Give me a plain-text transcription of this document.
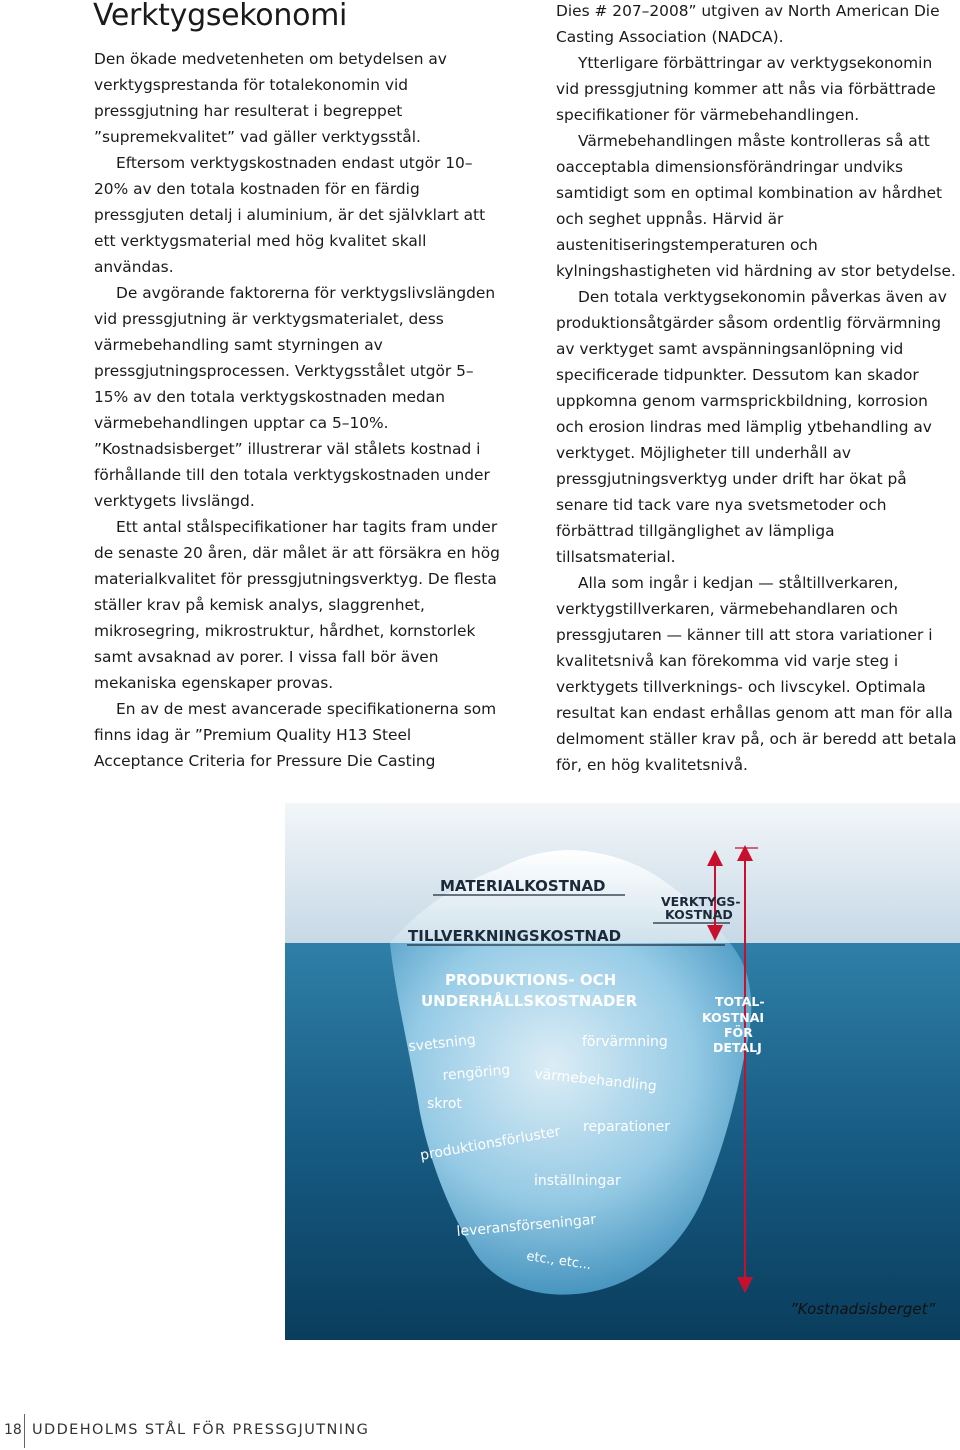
Verktygsekonomi

Den ökade medvetenheten om betydelsen av verktygsprestanda för totalekonomin vid pressgjutning har resulterat i begreppet ”supremekvalitet” vad gäller verktygsstål.

Eftersom verktygskostnaden endast utgör 10–20% av den totala kostnaden för en färdig pressgjuten detalj i aluminium, är det självklart att ett verktygsmaterial med hög kvalitet skall användas.

De avgörande faktorerna för verktygslivslängden vid pressgjutning är verktygsmaterialet, dess värmebehandling samt styrningen av pressgjutningsprocessen. Verktygsstålet utgör 5–15% av den totala verktygskostnaden medan värmebehandlingen upptar ca 5–10%. ”Kostnadsisberget” illustrerar väl stålets kostnad i förhållande till den totala verktygskostnaden under verktygets livslängd.

Ett antal stålspecifikationer har tagits fram under de senaste 20 åren, där målet är att försäkra en hög materialkvalitet för pressgjutningsverktyg. De flesta ställer krav på kemisk analys, slaggrenhet, mikrosegring, mikrostruktur, hårdhet, kornstorlek samt avsaknad av porer. I vissa fall bör även mekaniska egenskaper provas.

En av de mest avancerade specifikationerna som finns idag är ”Premium Quality H13 Steel Acceptance Criteria for Pressure Die Casting

Dies # 207–2008” utgiven av North American Die Casting Association (NADCA).

Ytterligare förbättringar av verktygsekonomin vid pressgjutning kommer att nås via förbättrade specifikationer för värmebehandlingen.

Värmebehandlingen måste kontrolleras så att oacceptabla dimensionsförändringar undviks samtidigt som en optimal kombination av hårdhet och seghet uppnås. Härvid är austenitiseringstemperaturen och kylningshastigheten vid härdning av stor betydelse.

Den totala verktygsekonomin påverkas även av produktionsåtgärder såsom ordentlig förvärmning av verktyget samt avspänningsanlöpning vid specificerade tidpunkter. Dessutom kan skador uppkomna genom varmsprickbildning, korrosion och erosion lindras med lämplig ytbehandling av verktyget. Möjligheter till underhåll av pressgjutningsverktyg under drift har ökat på senare tid tack vare nya svetsmetoder och förbättrad tillgänglighet av lämpliga tillsatsmaterial.

Alla som ingår i kedjan — ståltillverkaren, verktygstillverkaren, värmebehandlaren och pressgjutaren — känner till att stora variationer i kvalitetsnivå kan förekomma vid varje steg i verktygets tillverknings- och livscykel. Optimala resultat kan endast erhållas genom att man för alla delmoment ställer krav på, och är beredd att betala för, en hög kvalitetsnivå.

MATERIALKOSTNAD
TILLVERKNINGSKOSTNAD
VERKTYGS-
KOSTNAD
PRODUKTIONS- OCH
UNDERHÅLLSKOSTNADER	TOTAL-
KOSTNAI
FÖR
DETALJ
svetsning	förvärmning
rengöring värmebehandling
skrot
produktionsförluster reparationer
inställningar
leveransförseningar
etc., etc...
”Kostnadsisberget”
18 UDDEHOLMS STÅL FÖR PRESSGJUTNING
